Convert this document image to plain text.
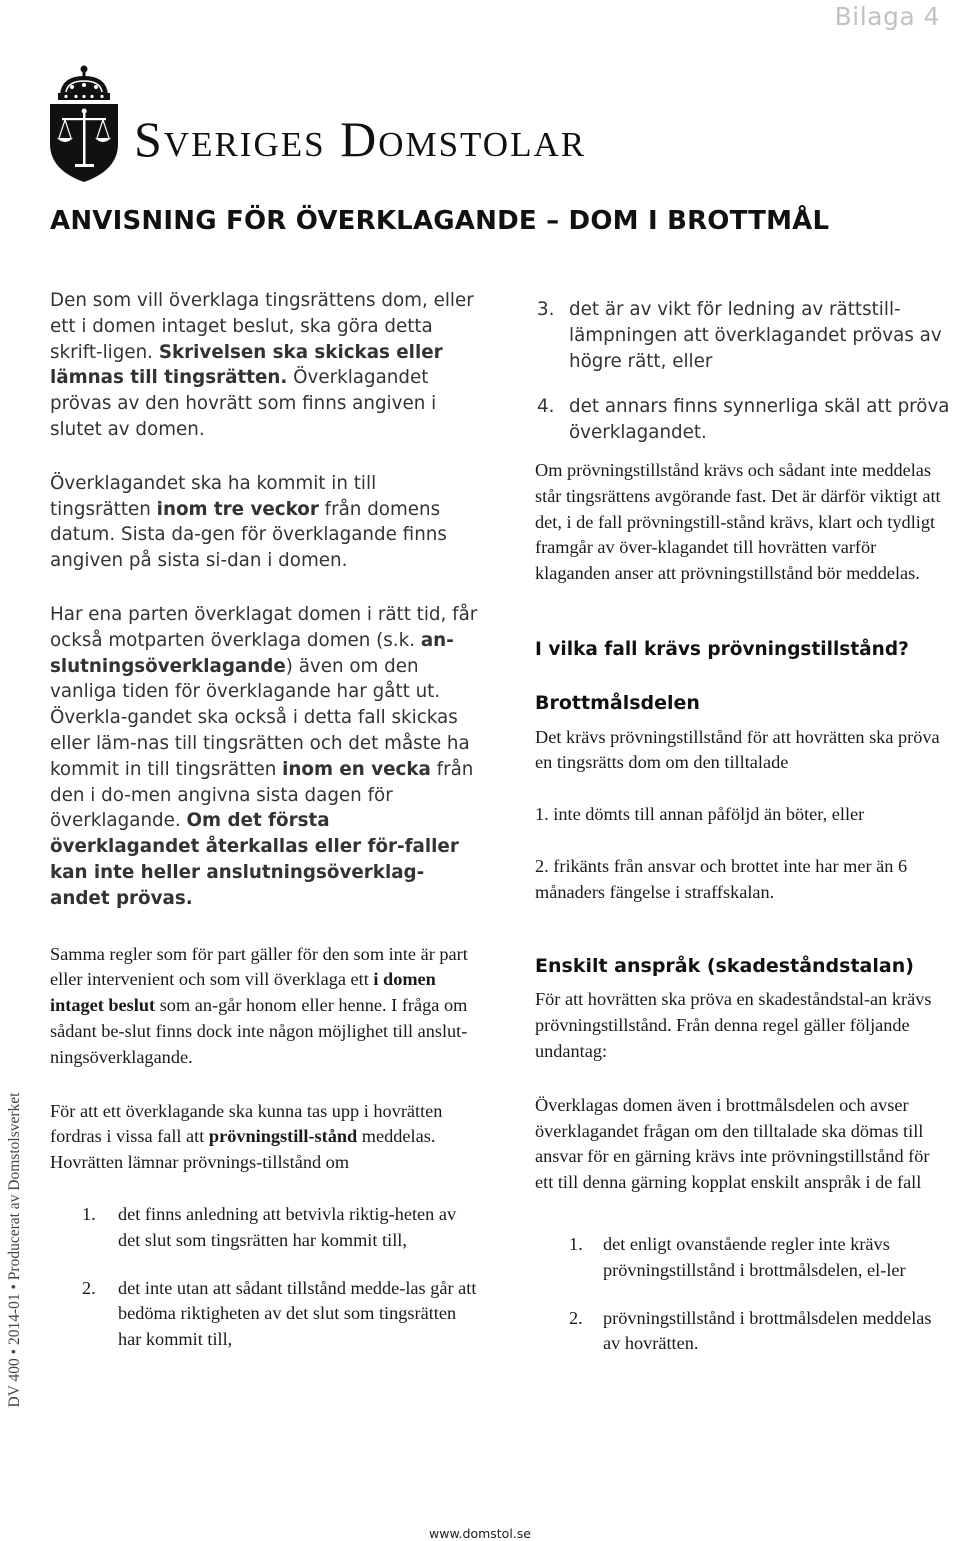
Bilaga 4
Sveriges Domstolar
ANVISNING FÖR ÖVERKLAGANDE – DOM I BROTTMÅL

Den som vill överklaga tingsrättens dom, eller ett i domen intaget beslut, ska göra detta skrift-ligen. Skrivelsen ska skickas eller lämnas till tingsrätten. Överklagandet prövas av den hovrätt som finns angiven i slutet av domen.

Överklagandet ska ha kommit in till tingsrätten inom tre veckor från domens datum. Sista da-gen för överklagande finns angiven på sista si-dan i domen.

Har ena parten överklagat domen i rätt tid, får också motparten överklaga domen (s.k. an-slutningsöverklagande) även om den vanliga tiden för överklagande har gått ut. Överkla-gandet ska också i detta fall skickas eller läm-nas till tingsrätten och det måste ha kommit in till tingsrätten inom en vecka från den i do-men angivna sista dagen för överklagande. Om det första överklagandet återkallas eller för-faller kan inte heller anslutningsöverklag-andet prövas.

Samma regler som för part gäller för den som inte är part eller intervenient och som vill överklaga ett i domen intaget beslut som an-går honom eller henne. I fråga om sådant be-slut finns dock inte någon möjlighet till anslut-ningsöverklagande.

För att ett överklagande ska kunna tas upp i hovrätten fordras i vissa fall att prövningstill-stånd meddelas. Hovrätten lämnar prövnings-tillstånd om

1.	det finns anledning att betvivla riktig-heten av det slut som tingsrätten har kommit till,
2.	det inte utan att sådant tillstånd medde-las går att bedöma riktigheten av det slut som tingsrätten har kommit till,
3. det är av vikt för ledning av rättstill-lämpningen att överklagandet prövas av högre rätt, eller
4. det annars finns synnerliga skäl att pröva överklagandet.

Om prövningstillstånd krävs och sådant inte meddelas står tingsrättens avgörande fast. Det är därför viktigt att det, i de fall prövningstill-stånd krävs, klart och tydligt framgår av över-klagandet till hovrätten varför klaganden anser att prövningstillstånd bör meddelas.

I vilka fall krävs prövningstillstånd?

Brottmålsdelen

Det krävs prövningstillstånd för att hovrätten ska pröva en tingsrätts dom om den tilltalade

1. inte dömts till annan påföljd än böter, eller

2. frikänts från ansvar och brottet inte har mer än 6 månaders fängelse i straffskalan.

Enskilt anspråk (skadeståndstalan)

För att hovrätten ska pröva en skadeståndstal-an krävs prövningstillstånd. Från denna regel gäller följande undantag:

Överklagas domen även i brottmålsdelen och avser överklagandet frågan om den tilltalade ska dömas till ansvar för en gärning krävs inte prövningstillstånd för ett till denna gärning kopplat enskilt anspråk i de fall

1.	det enligt ovanstående regler inte krävs prövningstillstånd i brottmålsdelen, el-ler
2.	prövningstillstånd i brottmålsdelen meddelas av hovrätten.
DV 400 • 2014-01 • Producerat av Domstolsverket
www.domstol.se
